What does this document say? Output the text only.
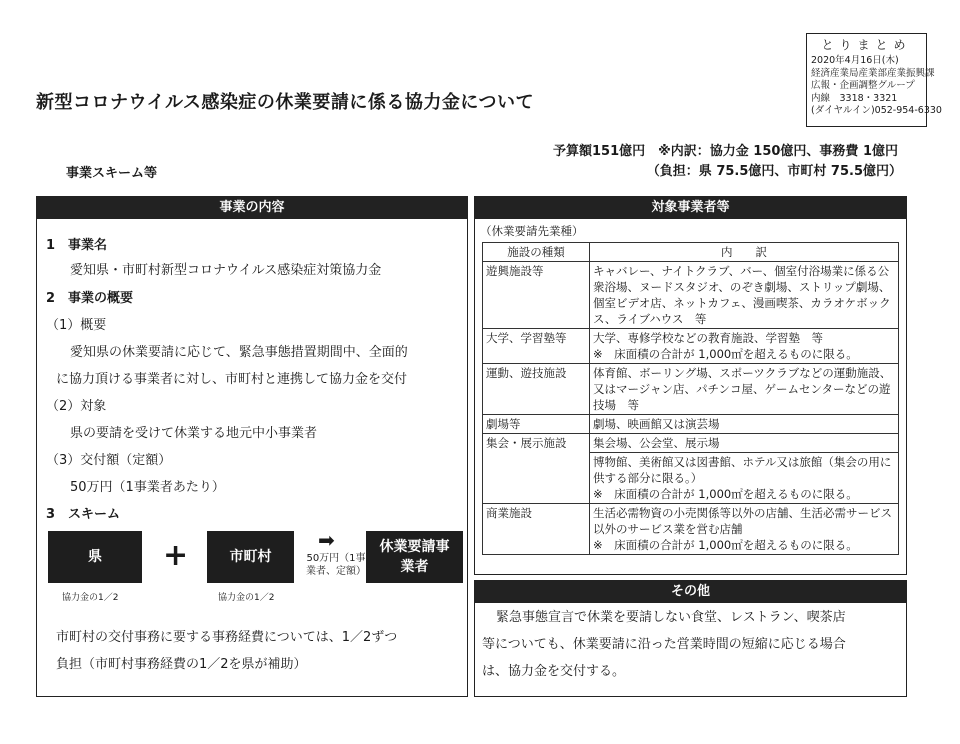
とりまとめ
2020年4月16日(木)
経済産業局産業部産業振興課
広報・企画調整グループ
内線　3318・3321
(ダイヤルイン)052-954-6330
新型コロナウイルス感染症の休業要請に係る協力金について
予算額151億円　※内訳：協力金 150億円、事務費 1億円
（負担：県 75.5億円、市町村 75.5億円）
事業スキーム等
事業の内容
1　事業名
愛知県・市町村新型コロナウイルス感染症対策協力金
2　事業の概要
（1）概要
愛知県の休業要請に応じて、緊急事態措置期間中、全面的
に協力頂ける事業者に対し、市町村と連携して協力金を交付
（2）対象
県の要請を受けて休業する地元中小事業者
（3）交付額（定額）
50万円（1事業者あたり）
3　スキーム
県	+	市町村
➡
50万円（1事業者、定額）
休業要請事業者
協力金の1／2	協力金の1／2
市町村の交付事務に要する事務経費については、1／2ずつ
負担（市町村事務経費の1／2を県が補助）
対象事業者等
（休業要請先業種）
施設の種類	内　　訳
遊興施設等	キャバレー、ナイトクラブ、バー、個室付浴場業に係る公衆浴場、ヌードスタジオ、のぞき劇場、ストリップ劇場、個室ビデオ店、ネットカフェ、漫画喫茶、カラオケボックス、ライブハウス　等

大学、学習塾等	大学、専修学校などの教育施設、学習塾　等
※　床面積の合計が 1,000㎡を超えるものに限る。

運動、遊技施設	体育館、ボーリング場、スポーツクラブなどの運動施設、又はマージャン店、パチンコ屋、ゲームセンターなどの遊技場　等

劇場等	劇場、映画館又は演芸場

集会・展示施設	集会場、公会堂、展示場

	博物館、美術館又は図書館、ホテル又は旅館（集会の用に供する部分に限る。）
※　床面積の合計が 1,000㎡を超えるものに限る。

商業施設	生活必需物資の小売関係等以外の店舗、生活必需サービス以外のサービス業を営む店舗
※　床面積の合計が 1,000㎡を超えるものに限る。
その他
緊急事態宣言で休業を要請しない食堂、レストラン、喫茶店
等についても、休業要請に沿った営業時間の短縮に応じる場合
は、協力金を交付する。
